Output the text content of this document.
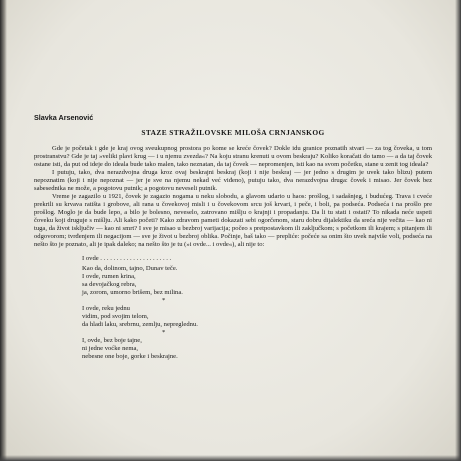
Slavka Arsenović
STAZE STRAŽILOVSKE MILOŠA CRNJANSKOG

Gde je početak i gde je kraj ovog sveukupnog prostora po kome se kreće čovek? Dokle idu granice poznatih stvari — za tog čoveka, u tom prostranstvu? Gde je taj »veliki plavi krug — i u njemu zvezda«? Na koju stranu krenuti u ovom beskraju? Koliko koračati do tamo — a da taj čovek ostane isti, da put od ideje do ideala bude tako malen, tako neznatan, da taj čovek — nepromenjen, isti kao na svom početku, stane u zenit tog ideala?

I putuju, tako, dva nerazdvojna druga kroz ovaj beskrajni beskraj (koji i nije beskraj — jer jedno s drugim je uvek tako blizu) putem nepoznatim (koji i nije nepoznat — jer je sve na njemu nekad već viđeno), putuju tako, dva nerazdvojna druga: čovek i misao. Jer čovek bez sabesednika ne može, a pogotovu putnik; a pogotovu neveseli putnik.

Vreme je zagazilo u 1921, čovek je zagazio nogama u neku slobodu, a glavom udario u haos: prošlog, i sadašnjeg, i budućeg. Trava i cveće prekrili su krvava ratišta i grobove, ali rana u čovekovoj misli i u čovekovom srcu još krvari, i peče, i boli, pa podseća. Podseća i na prošlo pre prošlog. Moglo je da bude lepo, a bilo je bolesno, neveselo, zatrovano mišlju o krajnji i propadanju. Da li tu stati i ostati? To nikada neće uspeti čoveku koji drugujе s mišlju. Ali kako početi? Kako zdravom pameti dokazati sebi ogorčenom, staru dobru dijalektiku da sreća nije večita — kao ni tuga, da život isključiv — kao ni smrt? I sve je misao u bezbroj varijacija; počeo s pretpostavkom ili zaključkom; s početkom ili krajem; s pitanjem ili odgovorom; tvrđenjem ili negacijom — sve je život u bezbroj oblika. Počinje, baš tako — prepliće: počeće sa onim što uvek najviše voli, podseća na nešto što je poznato, ali je ipak daleko; na nešto što je tu (»i ovde... i ovde«), ali nije to:

I ovde . . . . . . . . . . . . . . . . . . . . . .
Kao da, dolinom, tajno, Dunav teče.
I ovde, rumen krina,
sa devojačkog rebra,
ja, zorom, umorno brišem, bez milina.
*
I ovde, reku jednu
vidim, pod svojim telom,
da hladi laku, srebrnu, zemlju, nepreglednu.
*
I, ovde, bez boje tajne,
ni jedne voćke nema,
nebesne one boje, gorke i beskrajne.
